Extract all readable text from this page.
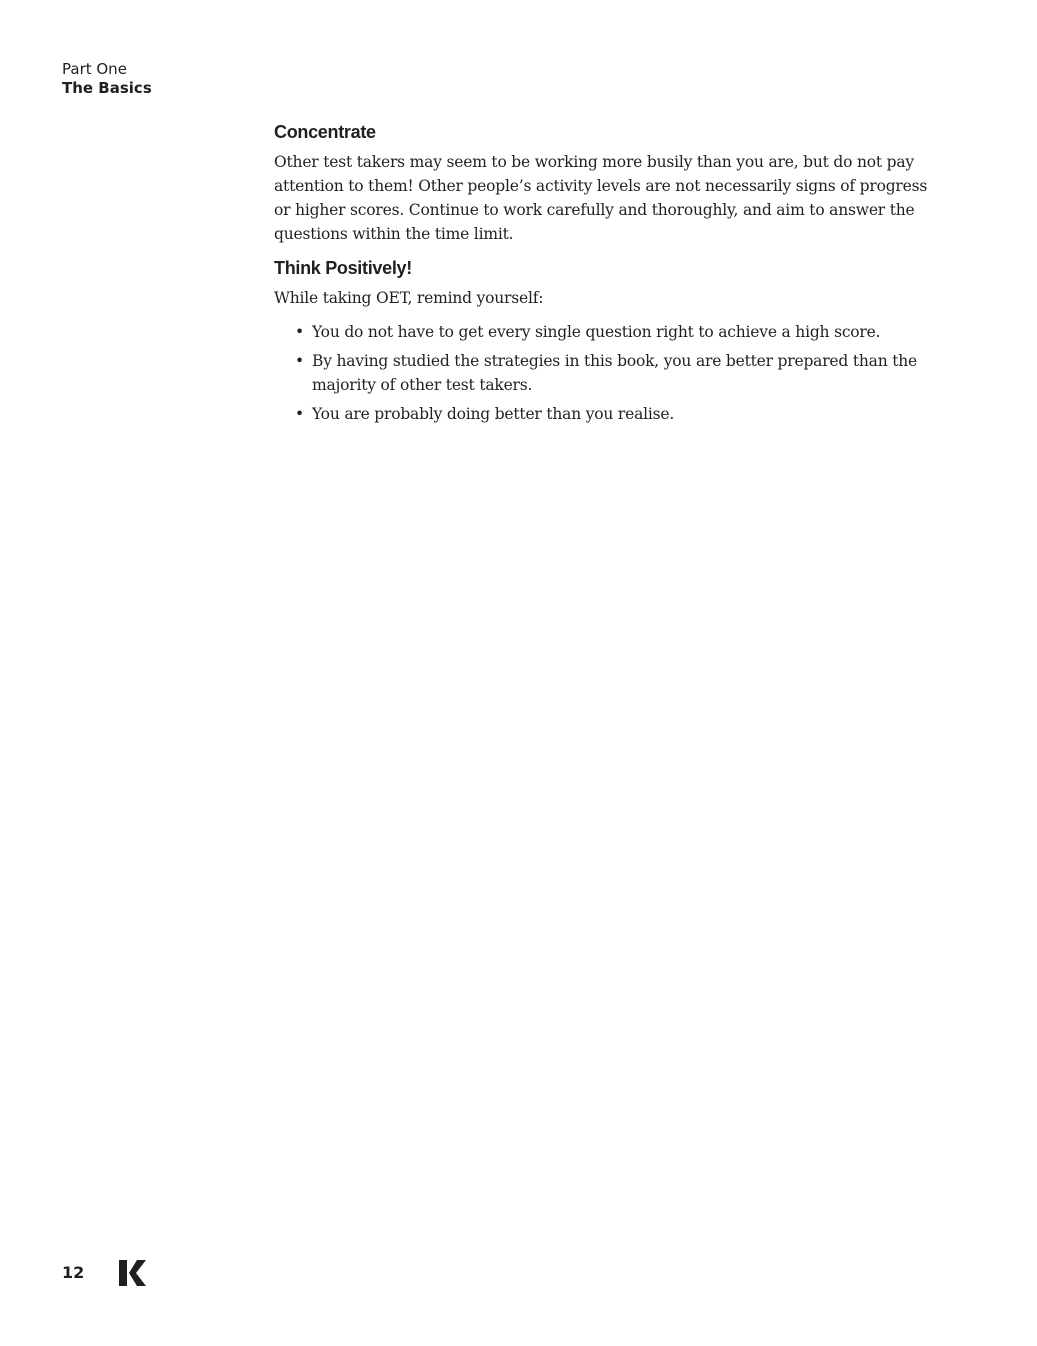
Part One
The Basics
Concentrate

Other test takers may seem to be working more busily than you are, but do not pay attention to them! Other people’s activity levels are not necessarily signs of progress or higher scores. Continue to work carefully and thoroughly, and aim to answer the questions within the time limit.

Think Positively!

While taking OET, remind yourself:

• You do not have to get every single question right to achieve a high score.
• By having studied the strategies in this book, you are better prepared than the majority of other test takers.
• You are probably doing better than you realise.
12
